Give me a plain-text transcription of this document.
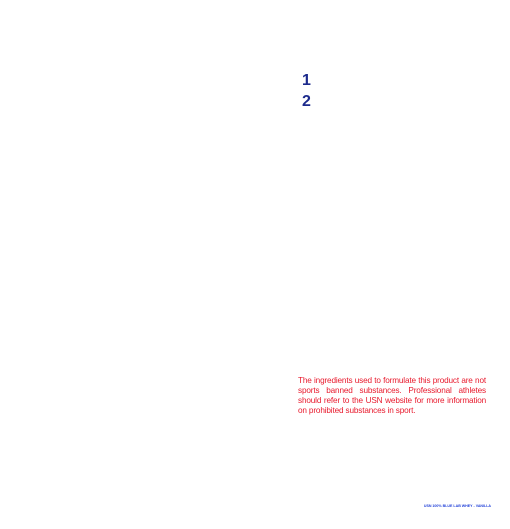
1
2

The ingredients used to formulate this product are not sports banned substances. Professional athletes should refer to the USN website for more information on prohibited substances in sport.

USN 100% BLUE LAB WHEY - VANILLA
